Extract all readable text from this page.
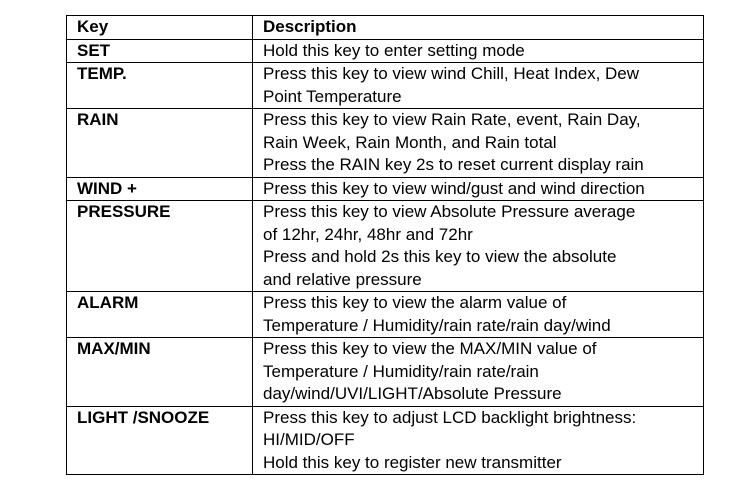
Key	Description
SET	Hold this key to enter setting mode

TEMP.	Press this key to view wind Chill, Heat Index, Dew
Point Temperature

RAIN	Press this key to view Rain Rate, event, Rain Day,
Rain Week, Rain Month, and Rain total
Press the RAIN key 2s to reset current display rain

WIND +	Press this key to view wind/gust and wind direction

PRESSURE	Press this key to view Absolute Pressure average
of 12hr, 24hr, 48hr and 72hr
Press and hold 2s this key to view the absolute
and relative pressure

ALARM	Press this key to view the alarm value of
Temperature / Humidity/rain rate/rain day/wind

MAX/MIN	Press this key to view the MAX/MIN value of
Temperature / Humidity/rain rate/rain
day/wind/UVI/LIGHT/Absolute Pressure

LIGHT /SNOOZE	Press this key to adjust LCD backlight brightness:
HI/MID/OFF
Hold this key to register new transmitter
